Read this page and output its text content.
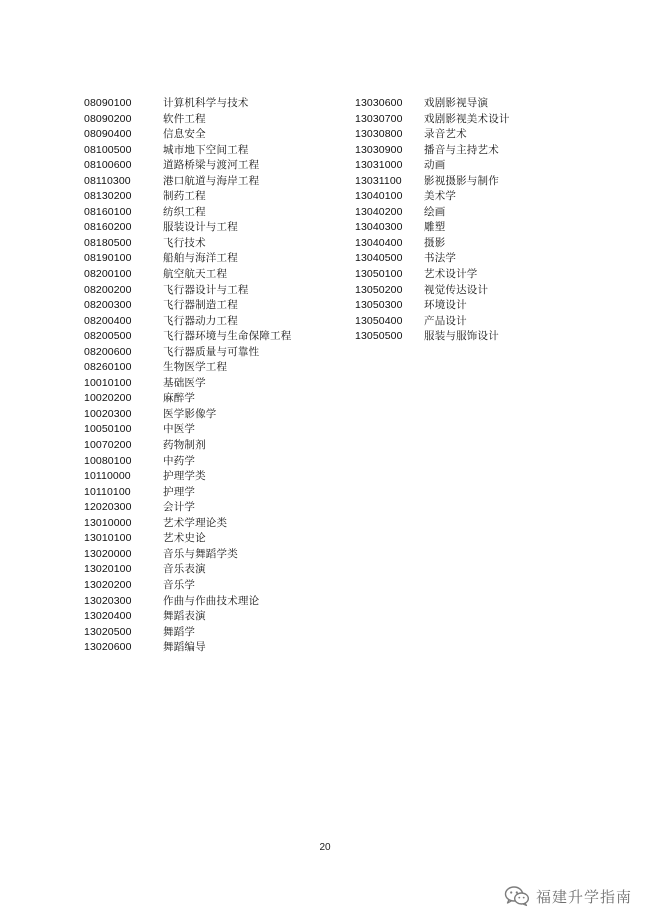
08090100	计算机科学与技术
08090200	软件工程
08090400	信息安全
08100500	城市地下空间工程
08100600	道路桥梁与渡河工程
08110300	港口航道与海岸工程
08130200	制药工程
08160100	纺织工程
08160200	服装设计与工程
08180500	飞行技术
08190100	船舶与海洋工程
08200100	航空航天工程
08200200	飞行器设计与工程
08200300	飞行器制造工程
08200400	飞行器动力工程
08200500	飞行器环境与生命保障工程
08200600	飞行器质量与可靠性
08260100	生物医学工程
10010100	基础医学
10020200	麻醉学
10020300	医学影像学
10050100	中医学
10070200	药物制剂
10080100	中药学
10110000	护理学类
10110100	护理学
12020300	会计学
13010000	艺术学理论类
13010100	艺术史论
13020000	音乐与舞蹈学类
13020100	音乐表演
13020200	音乐学
13020300	作曲与作曲技术理论
13020400	舞蹈表演
13020500	舞蹈学
13020600	舞蹈编导
13030600	戏剧影视导演
13030700	戏剧影视美术设计
13030800	录音艺术
13030900	播音与主持艺术
13031000	动画
13031100	影视摄影与制作
13040100	美术学
13040200	绘画
13040300	雕塑
13040400	摄影
13040500	书法学
13050100	艺术设计学
13050200	视觉传达设计
13050300	环境设计
13050400	产品设计
13050500	服装与服饰设计
20
福建升学指南
